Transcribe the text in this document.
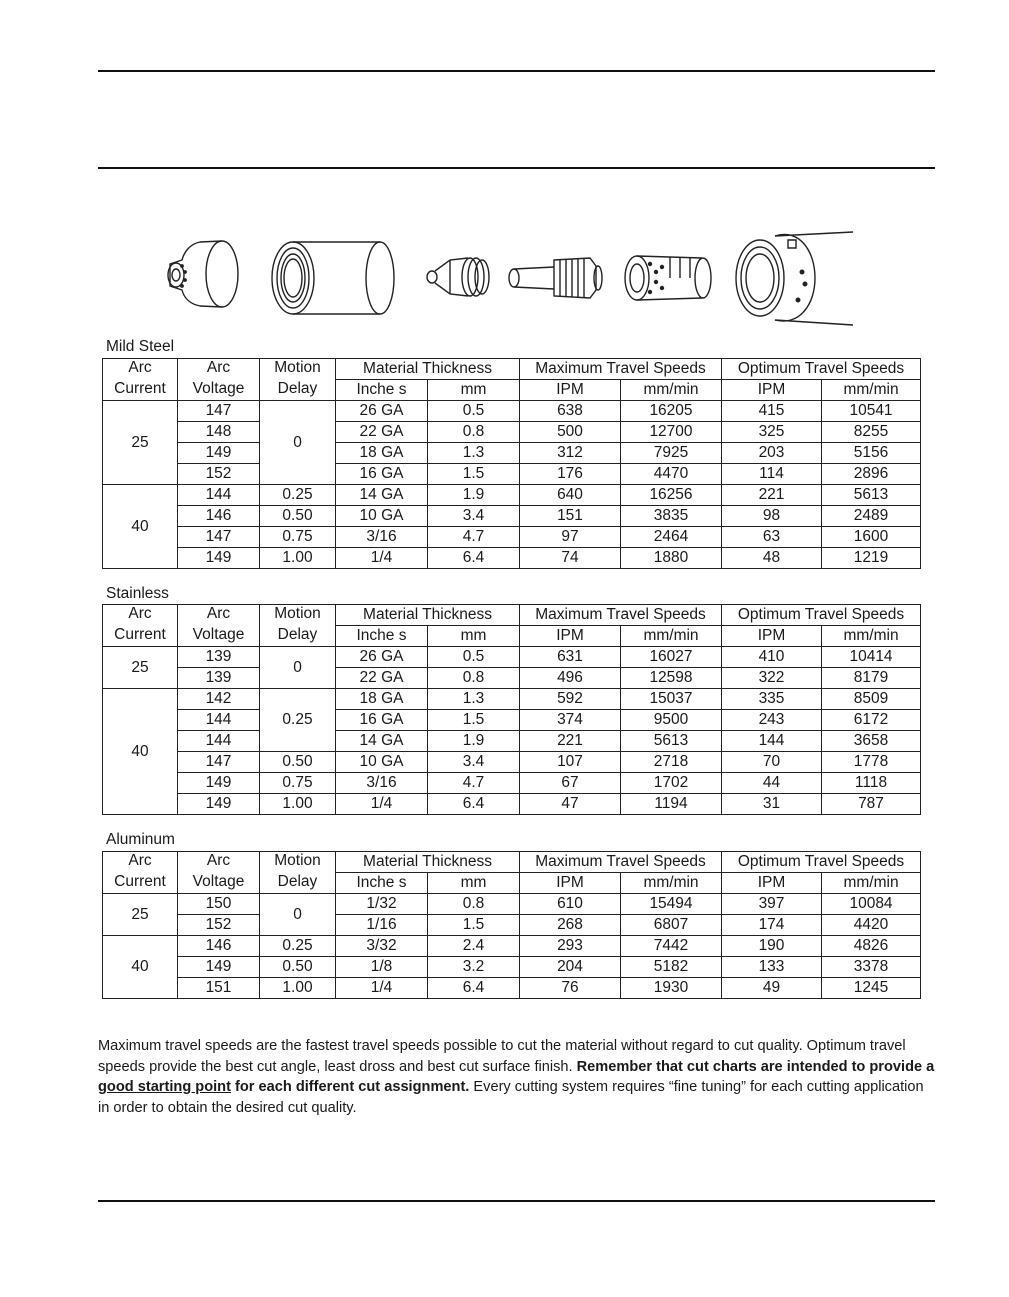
Mild Steel
Arc	Arc	Motion	Material Thickness		Maximum Travel Speeds		Optimum Travel Speeds	
Current	Voltage	Delay	Inche s	mm	IPM	mm/min	IPM	mm/min
25	147	0	26 GA	0.5	638	16205	415	10541
	148		22 GA	0.8	500	12700	325	8255
	149		18 GA	1.3	312	7925	203	5156
	152		16 GA	1.5	176	4470	114	2896
40	144	0.25	14 GA	1.9	640	16256	221	5613
	146	0.50	10 GA	3.4	151	3835	98	2489
	147	0.75	3/16	4.7	97	2464	63	1600
	149	1.00	1/4	6.4	74	1880	48	1219
Stainless
Arc	Arc	Motion	Material Thickness		Maximum Travel Speeds		Optimum Travel Speeds	
Current	Voltage	Delay	Inche s	mm	IPM	mm/min	IPM	mm/min
25	139	0	26 GA	0.5	631	16027	410	10414
	139		22 GA	0.8	496	12598	322	8179
40	142	0.25	18 GA	1.3	592	15037	335	8509
	144		16 GA	1.5	374	9500	243	6172
	144		14 GA	1.9	221	5613	144	3658
	147	0.50	10 GA	3.4	107	2718	70	1778
	149	0.75	3/16	4.7	67	1702	44	1118
	149	1.00	1/4	6.4	47	1194	31	787
Aluminum
Arc	Arc	Motion	Material Thickness		Maximum Travel Speeds		Optimum Travel Speeds	
Current	Voltage	Delay	Inche s	mm	IPM	mm/min	IPM	mm/min
25	150	0	1/32	0.8	610	15494	397	10084
	152		1/16	1.5	268	6807	174	4420
40	146	0.25	3/32	2.4	293	7442	190	4826
	149	0.50	1/8	3.2	204	5182	133	3378
	151	1.00	1/4	6.4	76	1930	49	1245
Maximum travel speeds are the fastest travel speeds possible to cut the material without regard to cut quality. Optimum travel speeds provide the best cut angle, least dross and best cut surface finish. Remember that cut charts are intended to provide a good starting point for each different cut assignment. Every cutting system requires “fine tuning” for each cutting application in order to obtain the desired cut quality.
